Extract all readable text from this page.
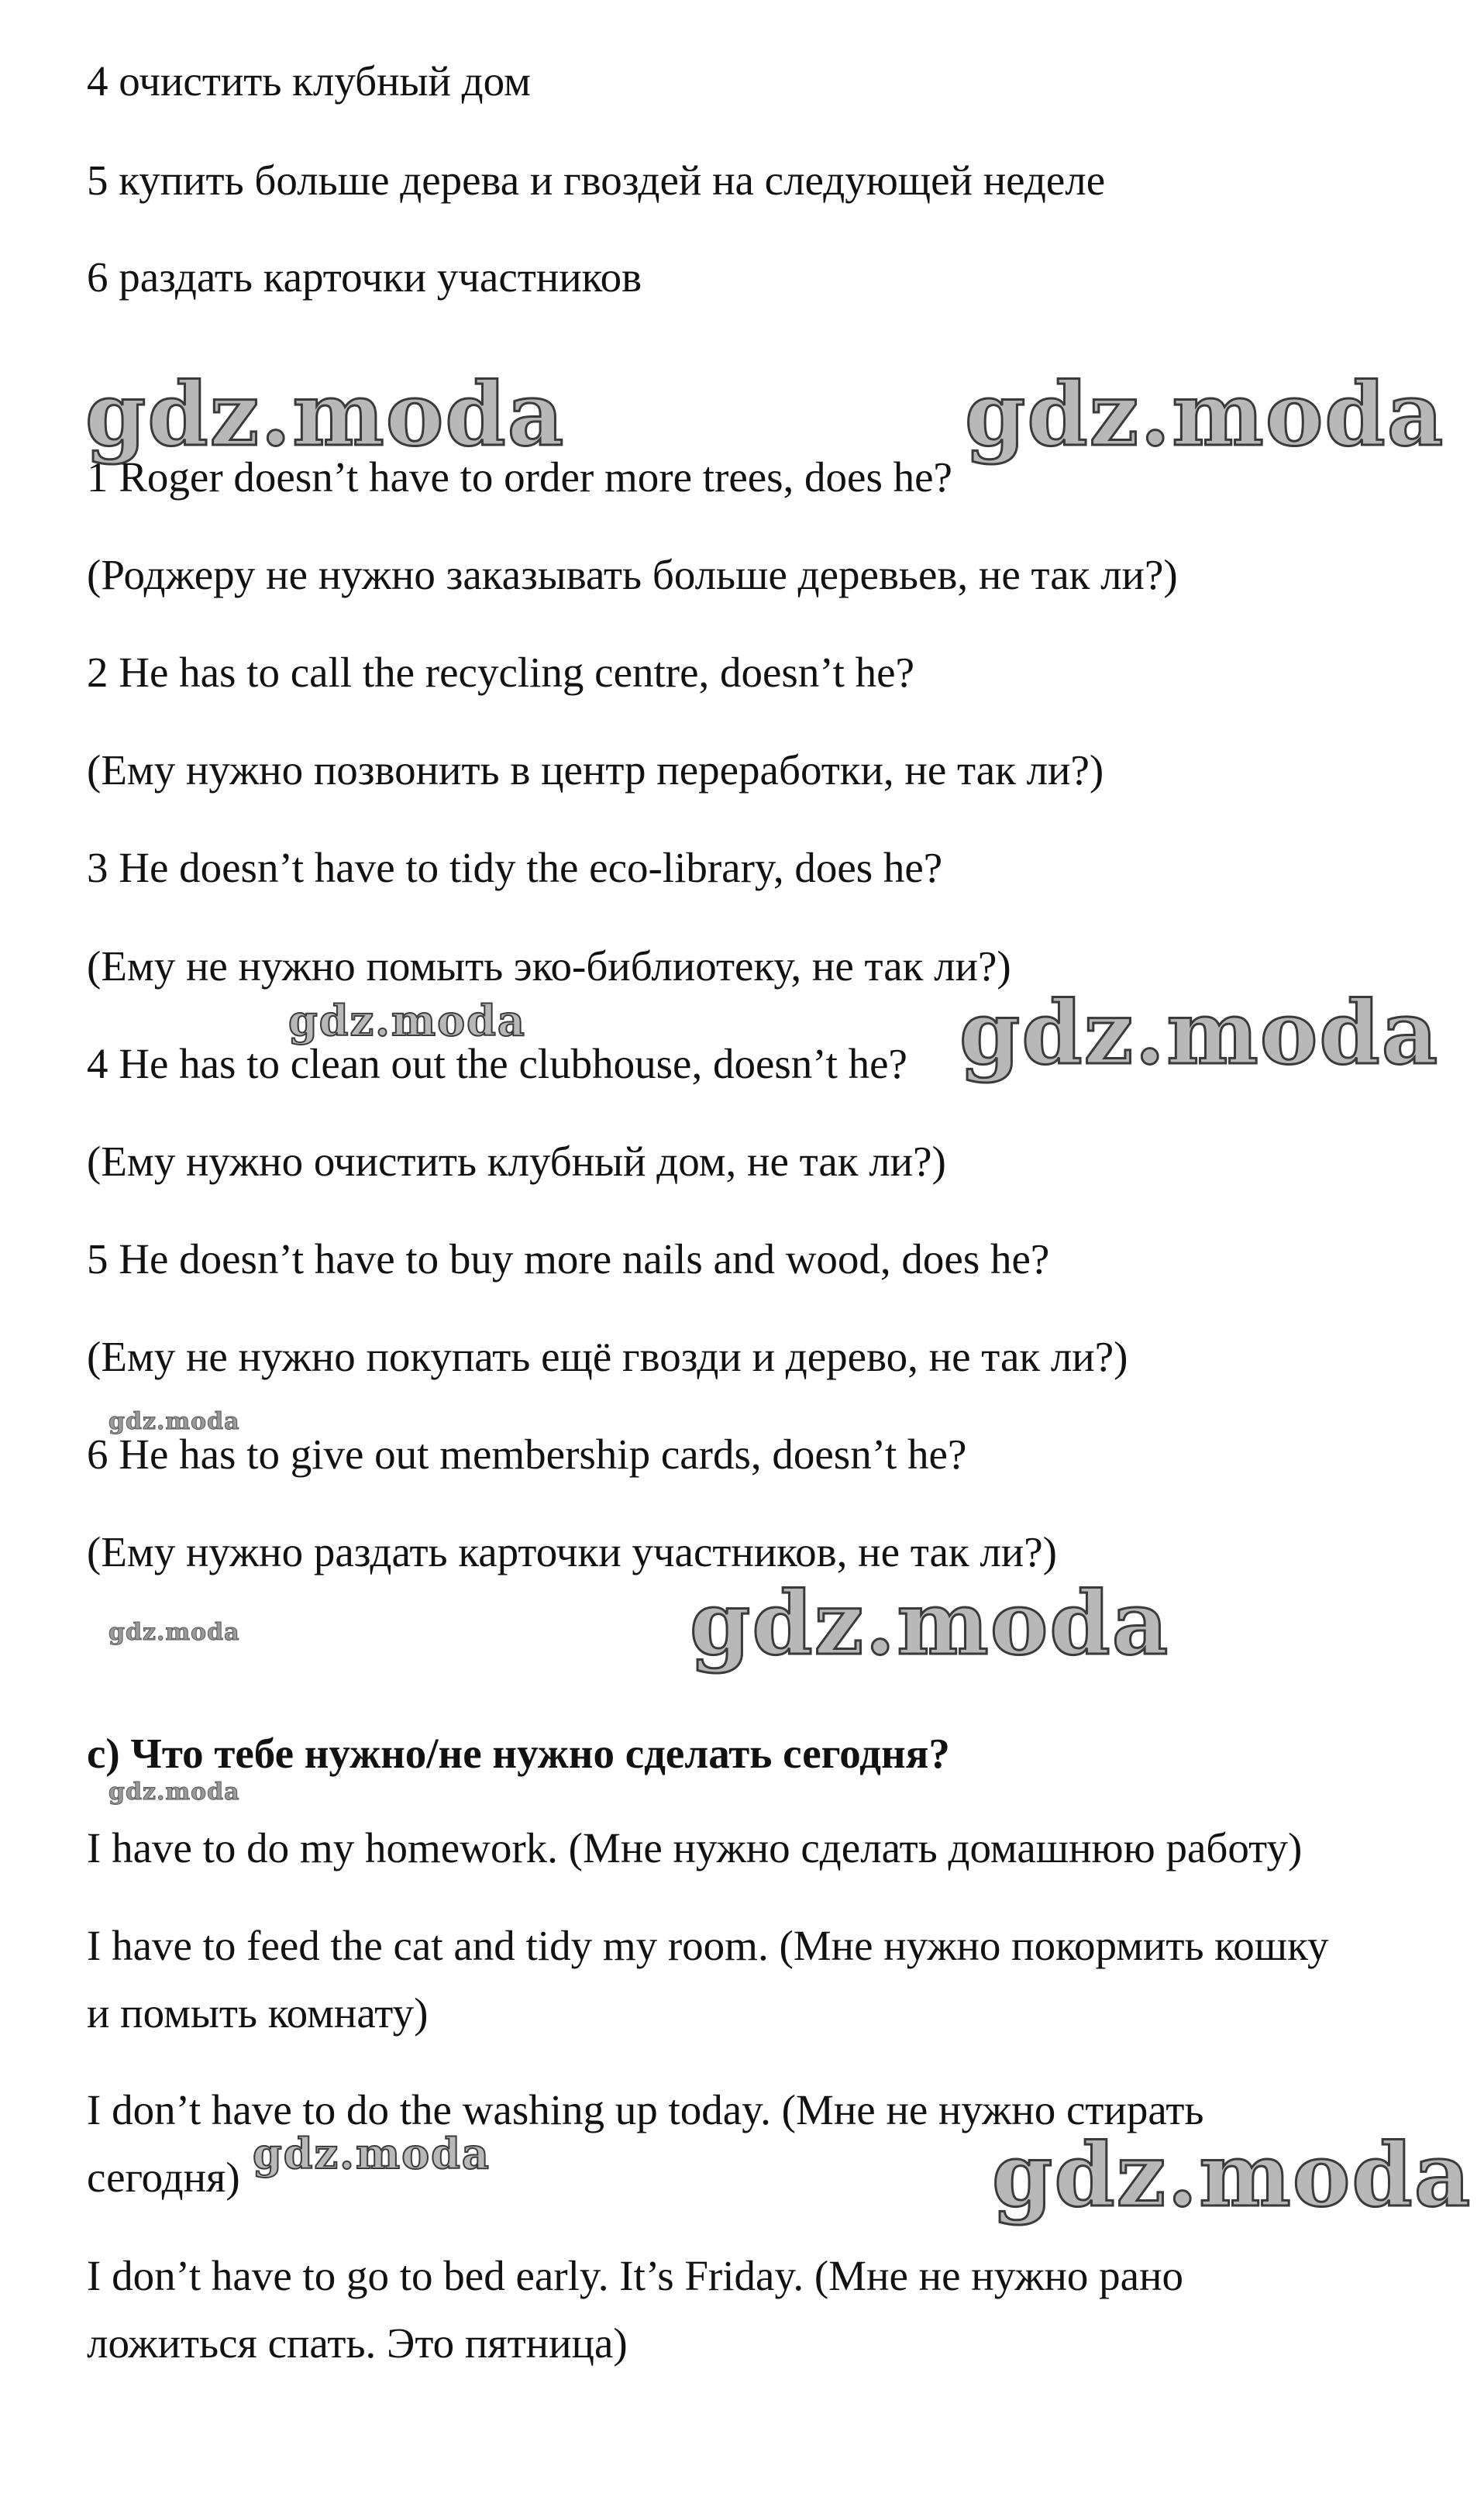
4 очистить клубный дом
5 купить больше дерева и гвоздей на следующей неделе
6 раздать карточки участников
1 Roger doesn’t have to order more trees, does he?
(Роджеру не нужно заказывать больше деревьев, не так ли?)
2 He has to call the recycling centre, doesn’t he?
(Ему нужно позвонить в центр переработки, не так ли?)
3 He doesn’t have to tidy the eco-library, does he?
(Ему не нужно помыть эко-библиотеку, не так ли?)
4 He has to clean out the clubhouse, doesn’t he?
(Ему нужно очистить клубный дом, не так ли?)
5 He doesn’t have to buy more nails and wood, does he?
(Ему не нужно покупать ещё гвозди и дерево, не так ли?)
6 He has to give out membership cards, doesn’t he?
(Ему нужно раздать карточки участников, не так ли?)
c) Что тебе нужно/не нужно сделать сегодня?
I have to do my homework. (Мне нужно сделать домашнюю работу)
I have to feed the cat and tidy my room. (Мне нужно покормить кошку
и помыть комнату)
I don’t have to do the washing up today. (Мне не нужно стирать
сегодня)
I don’t have to go to bed early. It’s Friday. (Мне не нужно рано
ложиться спать. Это пятница)
gdz.moda	gdz.moda
gdz.moda	gdz.moda
gdz.moda
gdz.moda	gdz.moda
gdz.moda
gdz.moda	gdz.moda
